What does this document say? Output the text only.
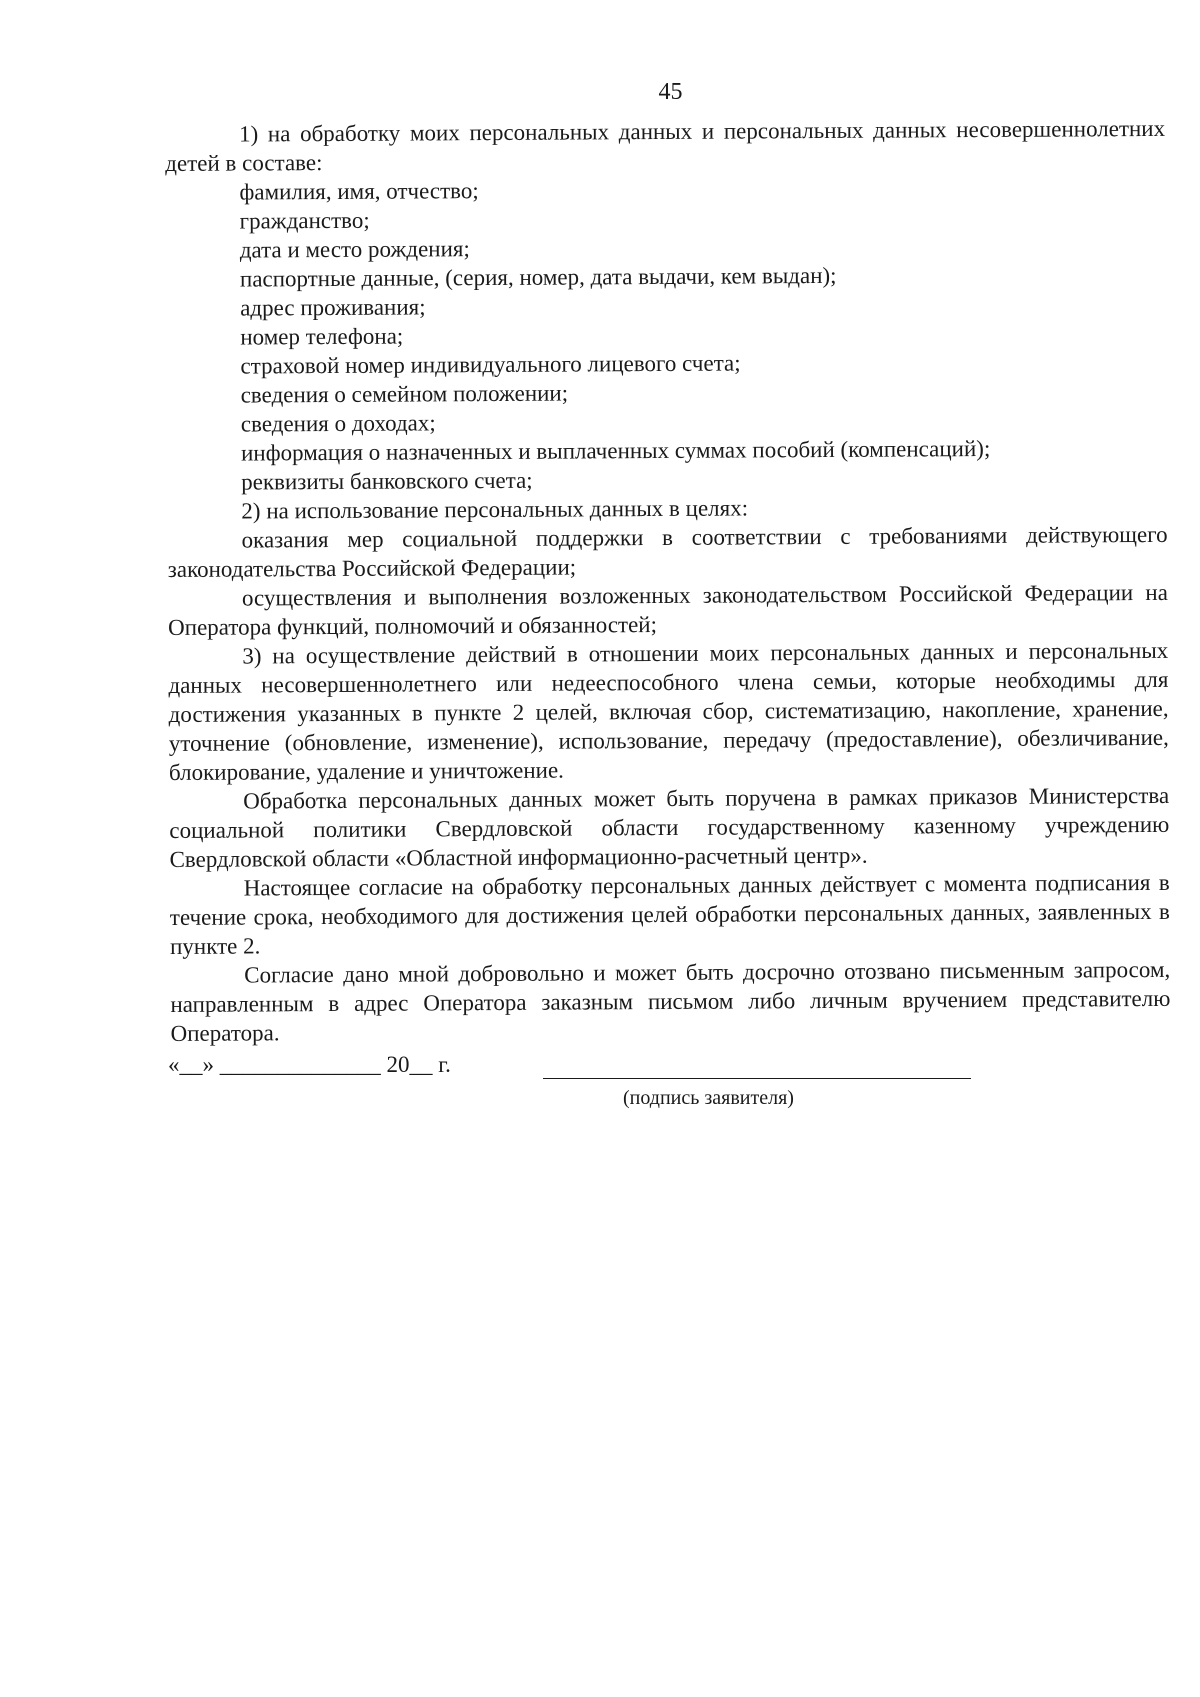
45

1) на обработку моих персональных данных и персональных данных несовершеннолетних детей в составе:

фамилия, имя, отчество;

гражданство;

дата и место рождения;

паспортные данные, (серия, номер, дата выдачи, кем выдан);

адрес проживания;

номер телефона;

страховой номер индивидуального лицевого счета;

сведения о семейном положении;

сведения о доходах;

информация о назначенных и выплаченных суммах пособий (компенсаций);

реквизиты банковского счета;

2) на использование персональных данных в целях:

оказания мер социальной поддержки в соответствии с требованиями действующего законодательства Российской Федерации;

осуществления и выполнения возложенных законодательством Российской Федерации на Оператора функций, полномочий и обязанностей;

3) на осуществление действий в отношении моих персональных данных и персональных данных несовершеннолетнего или недееспособного члена семьи, которые необходимы для достижения указанных в пункте 2 целей, включая сбор, систематизацию, накопление, хранение, уточнение (обновление, изменение), использование, передачу (предоставление), обезличивание, блокирование, удаление и уничтожение.

Обработка персональных данных может быть поручена в рамках приказов Министерства социальной политики Свердловской области государственному казенному учреждению Свердловской области «Областной информационно-расчетный центр».

Настоящее согласие на обработку персональных данных действует с момента подписания в течение срока, необходимого для достижения целей обработки персональных данных, заявленных в пункте 2.

Согласие дано мной добровольно и может быть досрочно отозвано письменным запросом, направленным в адрес Оператора заказным письмом либо личным вручением представителю Оператора.

«__» ______________ 20__ г.
(подпись заявителя)
